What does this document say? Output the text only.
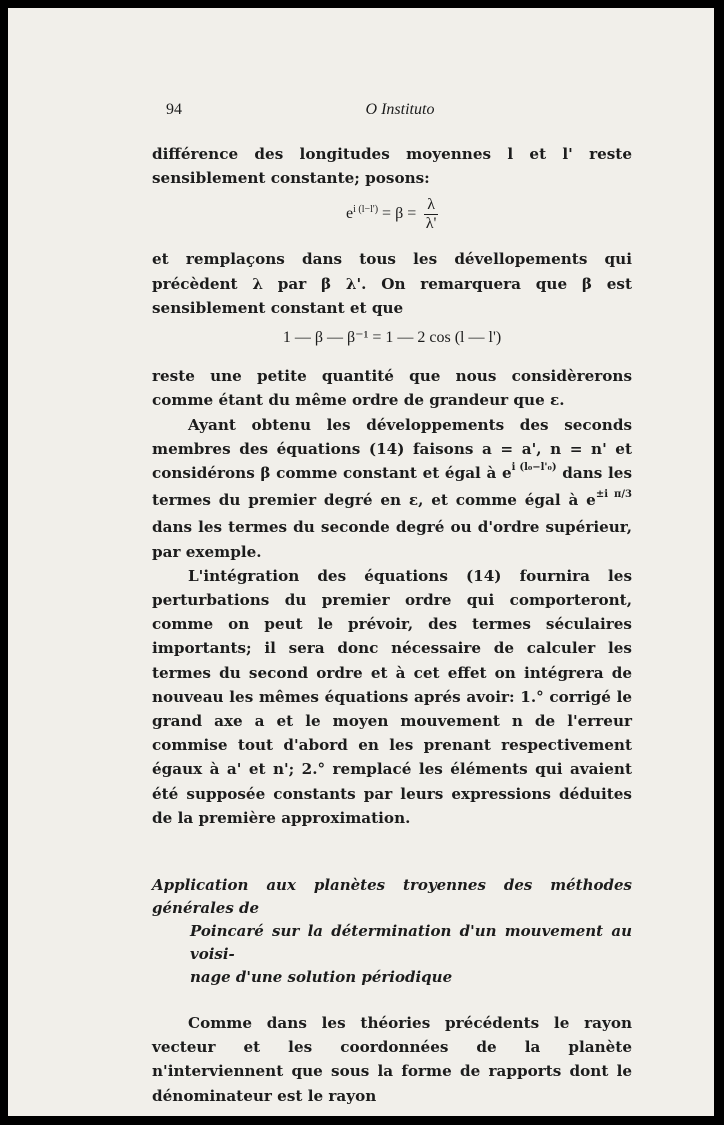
94	O Instituto

différence des longitudes moyennes l et l' reste sensiblement constante; posons:

$e^{i (l-l')} = \beta = \frac{\lambda}{\lambda'}$

et remplaçons dans tous les dévellopements qui précèdent λ par β λ'. On remarquera que β est sensiblement constant et que

1 — β — β⁻¹ = 1 — 2 cos (l — l')

reste une petite quantité que nous considèrerons comme étant du même ordre de grandeur que ε.

Ayant obtenu les développements des seconds membres des équations (14) faisons a = a', n = n' et considérons β comme constant et égal à $e^{i (l_0-l'_0)}$ dans les termes du premier degré en ε, et comme égal à $e^{\pm i \pi/3}$ dans les termes du seconde degré ou d'ordre supérieur, par exemple.

L'intégration des équations (14) fournira les perturbations du premier ordre qui comporteront, comme on peut le prévoir, des termes séculaires importants; il sera donc nécessaire de calculer les termes du second ordre et à cet effet on intégrera de nouveau les mêmes équations aprés avoir: 1.° corrigé le grand axe a et le moyen mouvement n de l'erreur commise tout d'abord en les prenant respectivement égaux à a' et n'; 2.° remplacé les éléments qui avaient été supposée constants par leurs expressions déduites de la première approximation.

Application aux planètes troyennes des méthodes générales de
Poincaré sur la détermination d'un mouvement au voisi-
nage d'une solution périodique

Comme dans les théories précédents le rayon vecteur et les coordonnées de la planète n'interviennent que sous la forme de rapports dont le dénominateur est le rayon
